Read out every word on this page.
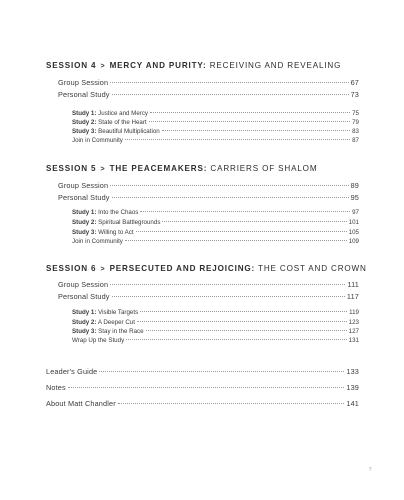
SESSION 4 > MERCY AND PURITY: RECEIVING AND REVEALING
Group Session	67
Personal Study	73
Study 1: Justice and Mercy	75
Study 2: State of the Heart	79
Study 3: Beautiful Multiplication	83
Join in Community	87
SESSION 5 > THE PEACEMAKERS: CARRIERS OF SHALOM
Group Session	89
Personal Study	95
Study 1: Into the Chaos	97
Study 2: Spiritual Battlegrounds	101
Study 3: Willing to Act	105
Join in Community	109
SESSION 6 > PERSECUTED AND REJOICING: THE COST AND CROWN
Group Session	111
Personal Study	117
Study 1: Visible Targets	119
Study 2: A Deeper Cut	123
Study 3: Stay in the Race	127
Wrap Up the Study	131
Leader's Guide	133
Notes	139
About Matt Chandler	141
7
